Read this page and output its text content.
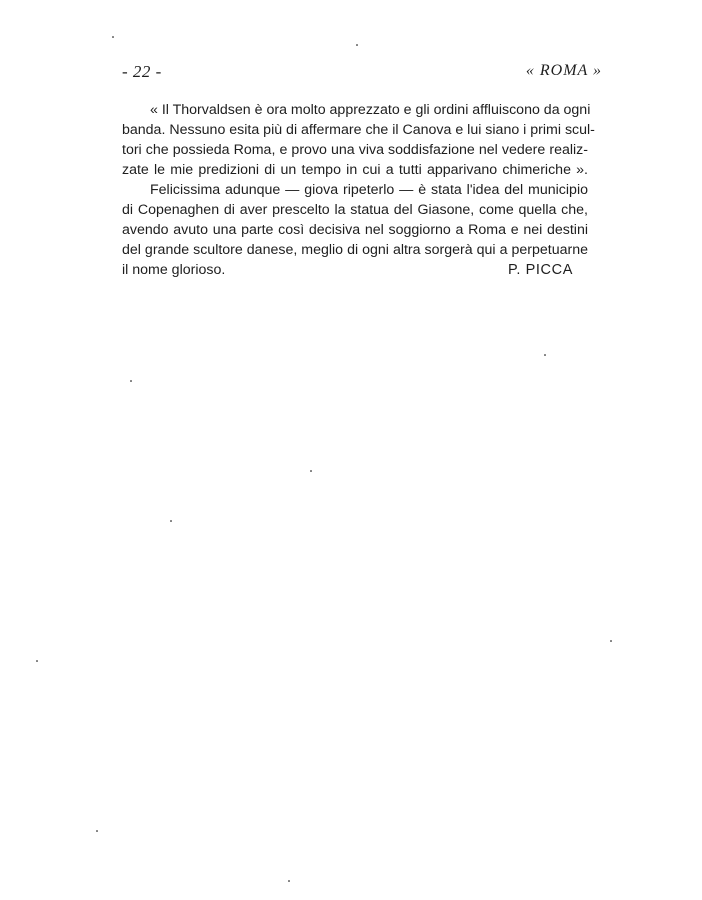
- 22 -	« ROMA »
« Il Thorvaldsen è ora molto apprezzato e gli ordini affluiscono da ogni
banda. Nessuno esita più di affermare che il Canova e lui siano i primi scul-
tori che possieda Roma, e provo una viva soddisfazione nel vedere realiz-
zate le mie predizioni di un tempo in cui a tutti apparivano chimeriche ».
Felicissima adunque — giova ripeterlo — è stata l'idea del municipio
di Copenaghen di aver prescelto la statua del Giasone, come quella che,
avendo avuto una parte così decisiva nel soggiorno a Roma e nei destini
del grande scultore danese, meglio di ogni altra sorgerà qui a perpetuarne
il nome glorioso.	P. PICCA
